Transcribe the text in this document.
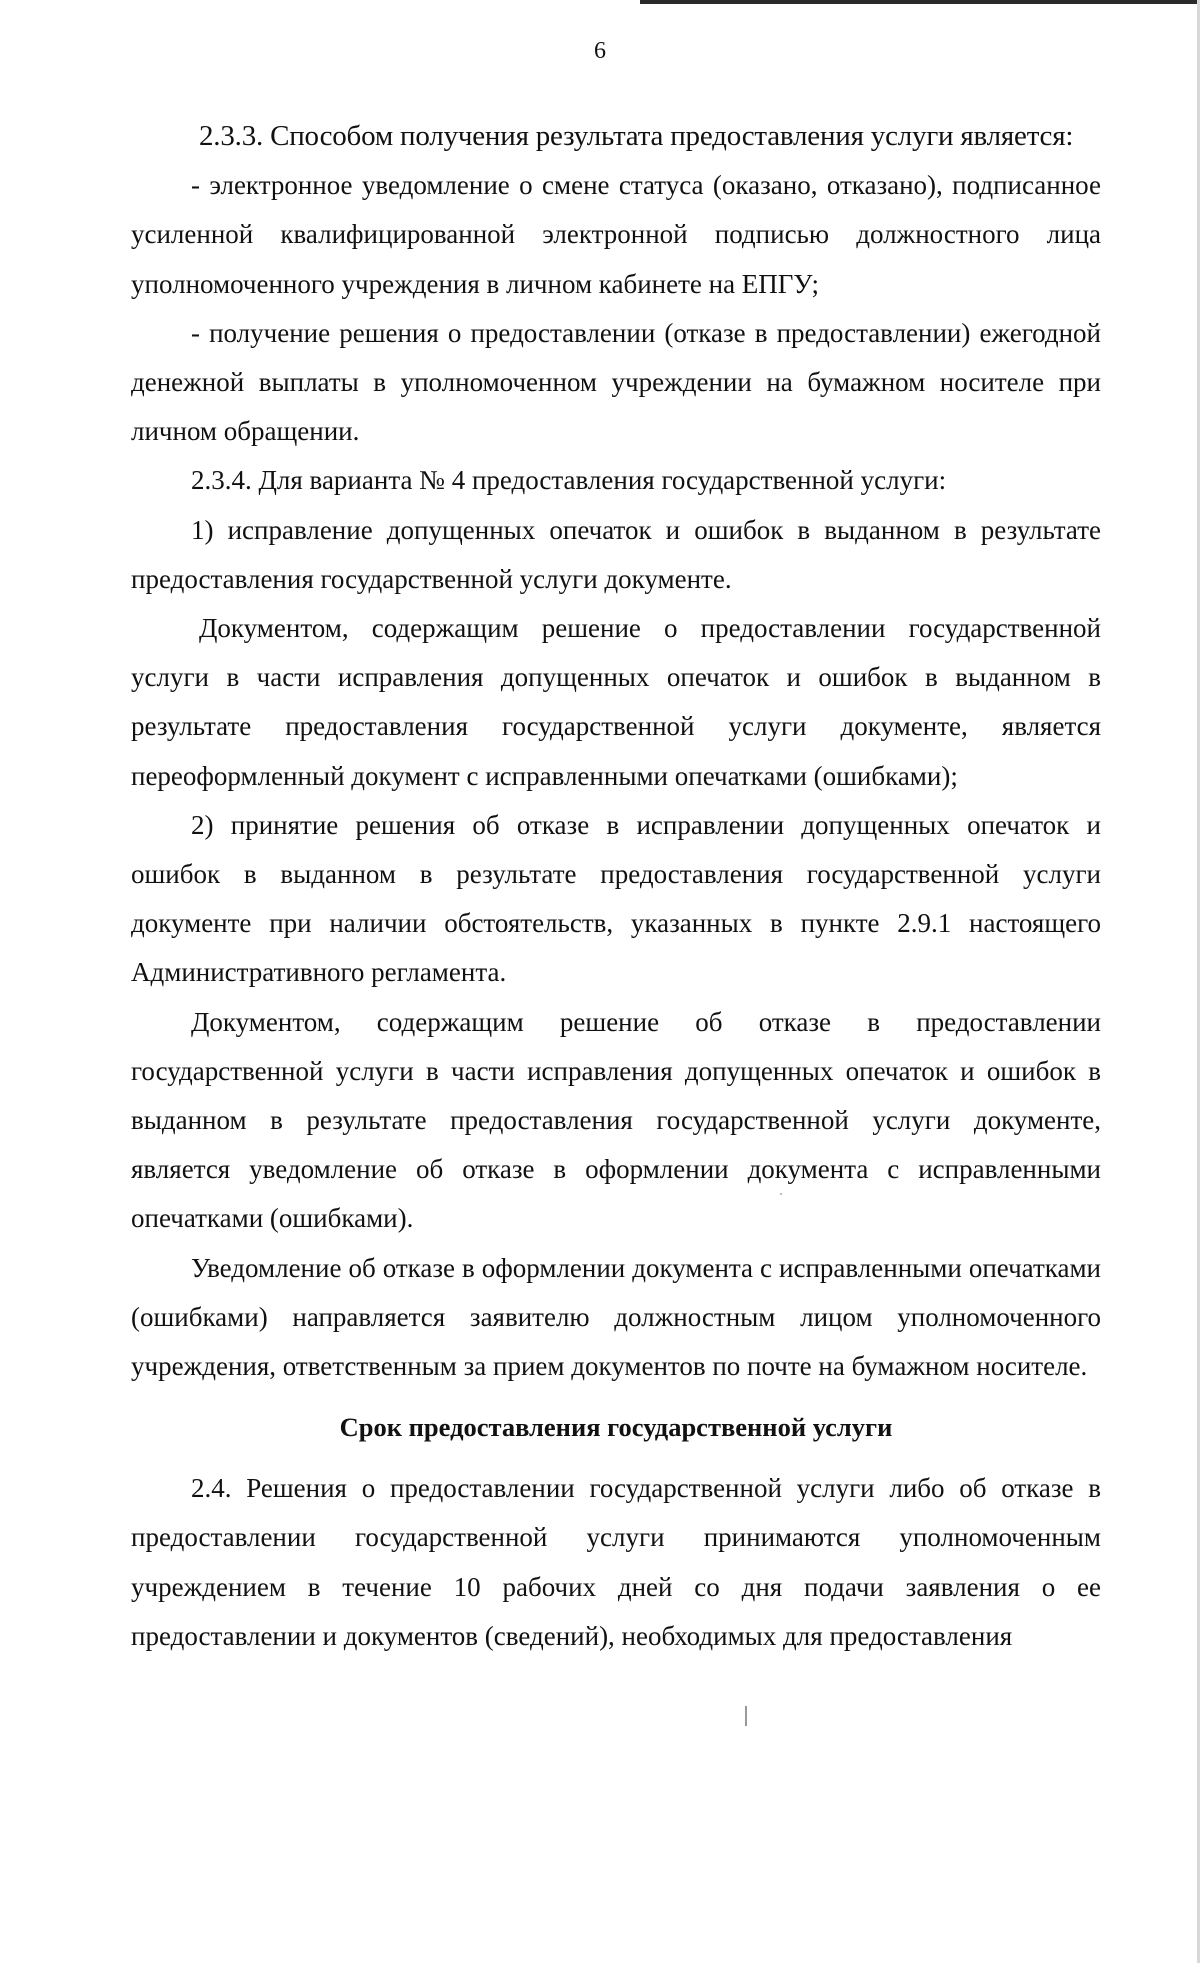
6

2.3.3. Способом получения результата предоставления услуги является:

- электронное уведомление о смене статуса (оказано, отказано), подписанное усиленной квалифицированной электронной подписью должностного лица уполномоченного учреждения в личном кабинете на ЕПГУ;

- получение решения о предоставлении (отказе в предоставлении) ежегодной денежной выплаты в уполномоченном учреждении на бумажном носителе при личном обращении.

2.3.4. Для варианта № 4 предоставления государственной услуги:

1) исправление допущенных опечаток и ошибок в выданном в результате предоставления государственной услуги документе.

Документом, содержащим решение о предоставлении государственной услуги в части исправления допущенных опечаток и ошибок в выданном в результате предоставления государственной услуги документе, является переоформленный документ с исправленными опечатками (ошибками);

2) принятие решения об отказе в исправлении допущенных опечаток и ошибок в выданном в результате предоставления государственной услуги документе при наличии обстоятельств, указанных в пункте 2.9.1 настоящего Административного регламента.

Документом, содержащим решение об отказе в предоставлении государственной услуги в части исправления допущенных опечаток и ошибок в выданном в результате предоставления государственной услуги документе, является уведомление об отказе в оформлении документа с исправленными опечатками (ошибками).

Уведомление об отказе в оформлении документа с исправленными опечатками (ошибками) направляется заявителю должностным лицом уполномоченного учреждения, ответственным за прием документов по почте на бумажном носителе.

Срок предоставления государственной услуги

2.4. Решения о предоставлении государственной услуги либо об отказе в предоставлении государственной услуги принимаются уполномоченным учреждением в течение 10 рабочих дней со дня подачи заявления о ее предоставлении и документов (сведений), необходимых для предоставления
